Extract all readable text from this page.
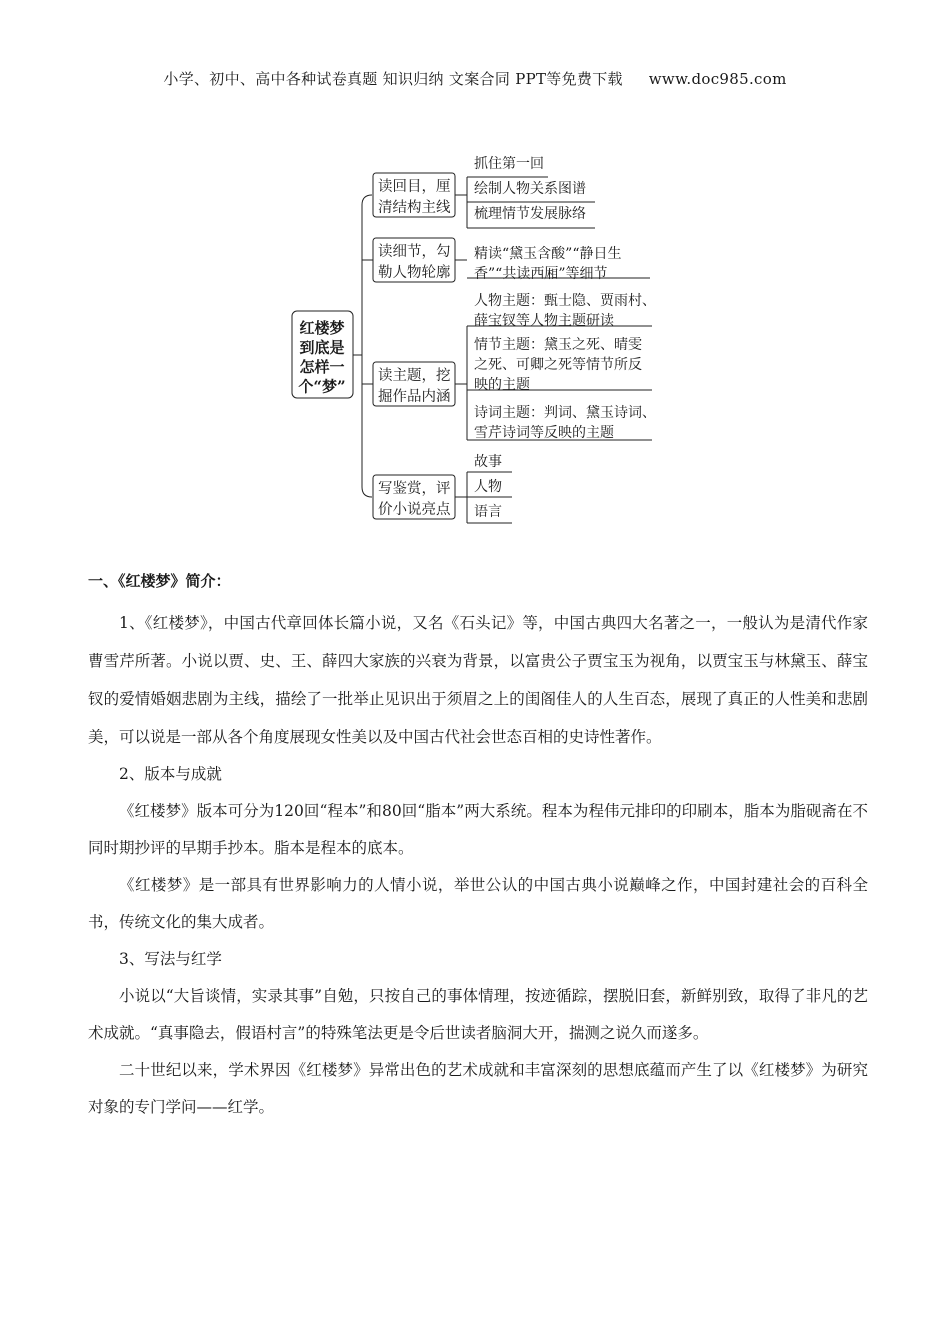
小学、初中、高中各种试卷真题 知识归纳 文案合同 PPT等免费下载 www.doc985.com
红楼梦
到底是
怎样一
个“梦”
读回目，厘
清结构主线
抓住第一回
绘制人物关系图谱
梳理情节发展脉络
读细节，勾
勒人物轮廓
精读“黛玉含酸”“静日生
香”“共读西厢”等细节
读主题，挖
掘作品内涵
人物主题：甄士隐、贾雨村、
薛宝钗等人物主题研读
情节主题：黛玉之死、晴雯
之死、可卿之死等情节所反
映的主题
诗词主题：判词、黛玉诗词、
雪芹诗词等反映的主题
写鉴赏，评
价小说亮点
故事
人物
语言
一、《红楼梦》简介：

1、《红楼梦》，中国古代章回体长篇小说，又名《石头记》等，中国古典四大名著之一，一般认为是清代作家曹雪芹所著。小说以贾、史、王、薛四大家族的兴衰为背景，以富贵公子贾宝玉为视角，以贾宝玉与林黛玉、薛宝钗的爱情婚姻悲剧为主线，描绘了一批举止见识出于须眉之上的闺阁佳人的人生百态，展现了真正的人性美和悲剧美，可以说是一部从各个角度展现女性美以及中国古代社会世态百相的史诗性著作。

2、版本与成就

《红楼梦》版本可分为120回“程本”和80回“脂本”两大系统。程本为程伟元排印的印刷本，脂本为脂砚斋在不同时期抄评的早期手抄本。脂本是程本的底本。

《红楼梦》是一部具有世界影响力的人情小说，举世公认的中国古典小说巅峰之作，中国封建社会的百科全书，传统文化的集大成者。

3、写法与红学

小说以“大旨谈情，实录其事”自勉，只按自己的事体情理，按迹循踪，摆脱旧套，新鲜别致，取得了非凡的艺术成就。“真事隐去，假语村言”的特殊笔法更是令后世读者脑洞大开，揣测之说久而遂多。

二十世纪以来，学术界因《红楼梦》异常出色的艺术成就和丰富深刻的思想底蕴而产生了以《红楼梦》为研究对象的专门学问——红学。
